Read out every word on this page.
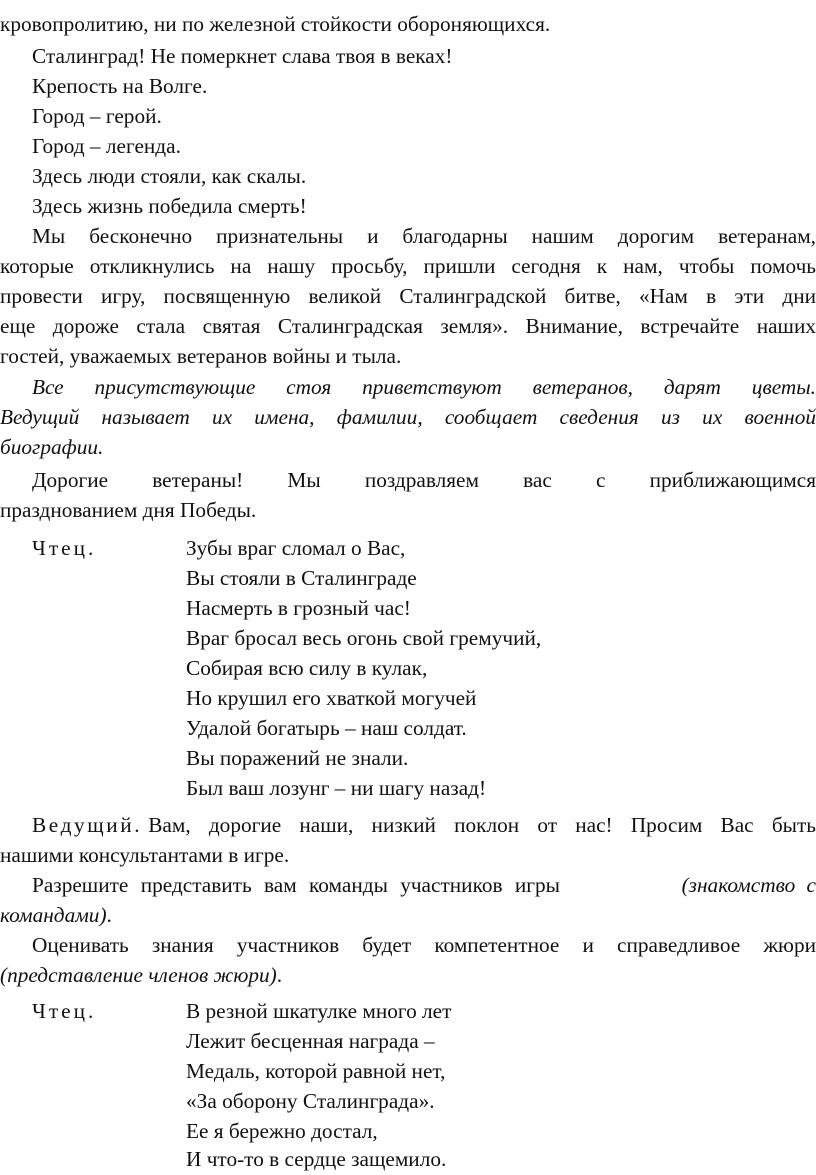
кровопролитию, ни по железной стойкости обороняющихся.
Сталинград! Не померкнет слава твоя в веках!
Крепость на Волге.
Город – герой.
Город – легенда.
Здесь люди стояли, как скалы.
Здесь жизнь победила смерть!
Мы бесконечно признательны и благодарны нашим дорогим ветеранам,
которые откликнулись на нашу просьбу, пришли сегодня к нам, чтобы помочь
провести игру, посвященную великой Сталинградской битве, «Нам в эти дни
еще дороже стала святая Сталинградская земля». Внимание, встречайте наших
гостей, уважаемых ветеранов войны и тыла.
Все присутствующие стоя приветствуют ветеранов, дарят цветы.
Ведущий называет их имена, фамилии, сообщает сведения из их военной
биографии.
Дорогие ветераны! Мы поздравляем вас с приближающимся
празднованием дня Победы.
Чтец.	Зубы враг сломал о Вас,
Вы стояли в Сталинграде
Насмерть в грозный час!
Враг бросал весь огонь свой гремучий,
Собирая всю силу в кулак,
Но крушил его хваткой могучей
Удалой богатырь – наш солдат.
Вы поражений не знали.
Был ваш лозунг – ни шагу назад!
Ведущий. Вам, дорогие наши, низкий поклон от нас! Просим Вас быть
нашими консультантами в игре.
Разрешите представить вам команды участников игры	(знакомство с
командами).
Оценивать знания участников будет компетентное и справедливое жюри
(представление членов жюри).
Чтец.	В резной шкатулке много лет
Лежит бесценная награда –
Медаль, которой равной нет,
«За оборону Сталинграда».
Ее я бережно достал,
И что-то в сердце защемило.
